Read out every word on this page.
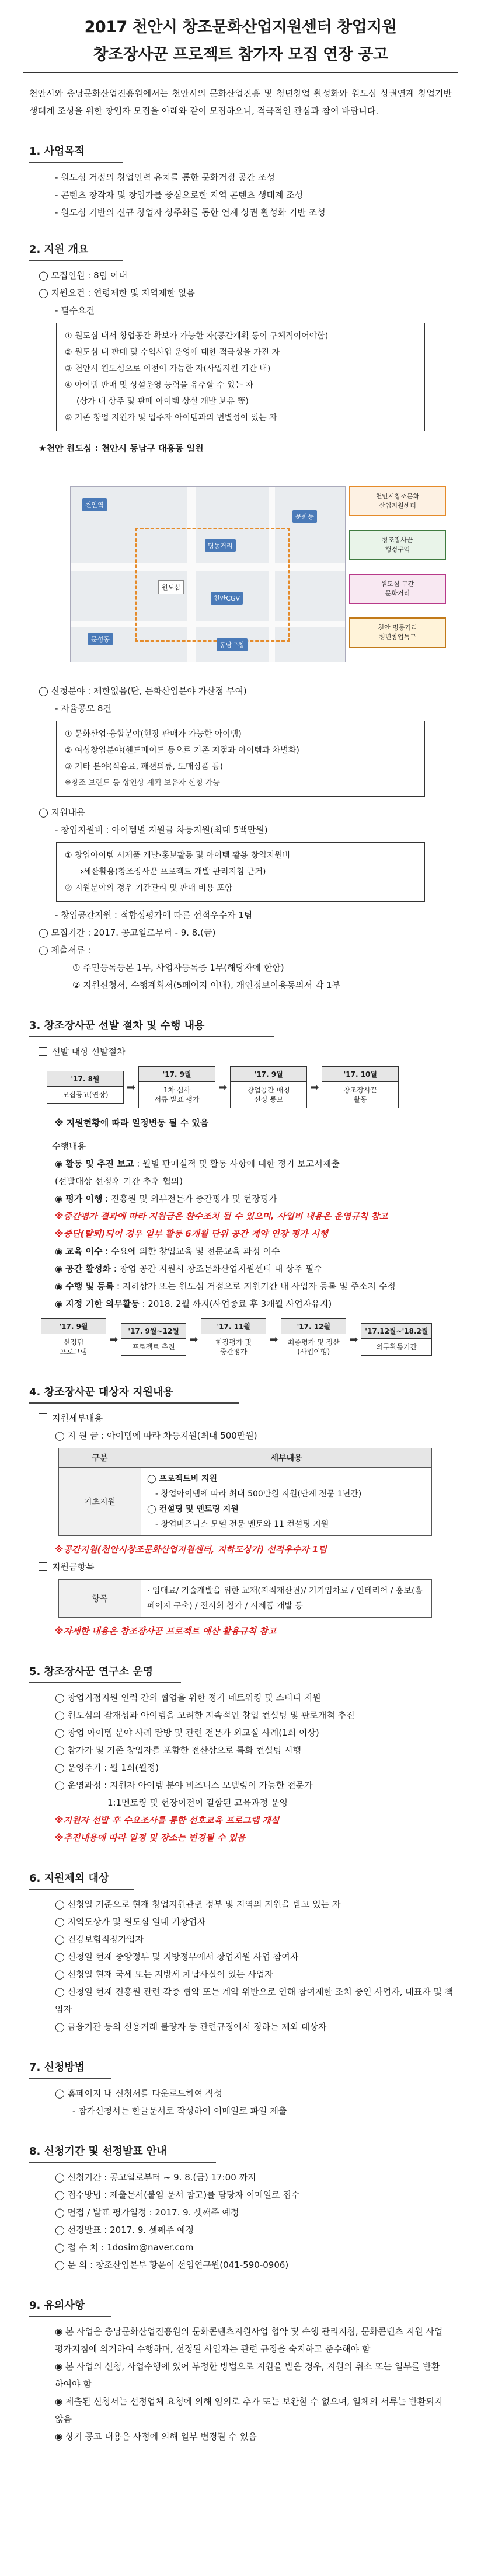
2017 천안시 창조문화산업지원센터 창업지원
창조장사꾼 프로젝트 참가자 모집 연장 공고
천안시와 충남문화산업진흥원에서는 천안시의 문화산업진흥 및 청년창업 활성화와 원도심 상권연계 창업기반 생태계 조성을 위한 창업자 모집을 아래와 같이 모집하오니, 적극적인 관심과 참여 바랍니다.
1. 사업목적
- 원도심 거점의 창업인력 유치를 통한 문화거점 공간 조성
- 콘텐츠 창작자 및 창업가를 중심으로한 지역 콘텐츠 생태계 조성
- 원도심 기반의 신규 창업자 상주화를 통한 연계 상권 활성화 기반 조성
2. 지원 개요
◯ 모집인원 : 8팀 이내
◯ 지원요건 : 연령제한 및 지역제한 없음
- 필수요건
① 원도심 내서 창업공간 확보가 가능한 자(공간계획 등이 구체적이어야함)
② 원도심 내 판매 및 수익사업 운영에 대한 적극성을 가진 자
③ 천안시 원도심으로 이전이 가능한 자(사업지원 기간 내)
④ 아이템 판매 및 상설운영 능력을 유추할 수 있는 자
(상가 내 상주 및 판매 아이템 상설 개발 보유 等)
⑤ 기존 창업 지원가 및 입주자 아이템과의 변별성이 있는 자
★천안 원도심 : 천안시 동남구 대흥동 일원
천안역
명동거리
문화동
원도심
천안CGV
문성동
동남구청
천안시창조문화
산업지원센터
창조장사꾼
행정구역
원도심 구간
문화거리
천안 명동거리
청년창업특구
◯ 신청분야 : 제한없음(단, 문화산업분야 가산점 부여)
- 자율공모 8건
① 문화산업·융합분야(현장 판매가 가능한 아이템)
② 여성창업분야(핸드메이드 등으로 기존 지점과 아이템과 차별화)
③ 기타 분야(식음료, 패션의류, 도매상품 등)
※창조 브랜드 등 상인상 계획 보유자 신청 가능
◯ 지원내용
- 창업지원비 : 아이템별 지원금 차등지원(최대 5백만원)
① 창업아이템 시제품 개발·홍보활동 및 아이템 활용 창업지원비
⇒세산활용(창조장사꾼 프로젝트 개발 관리지침 근거)
② 지원분야의 경우 기간관리 및 판매 비용 포함
- 창업공간지원 : 적합성평가에 따른 선적우수자 1팀
◯ 모집기간 : 2017. 공고일로부터 - 9. 8.(금)
◯ 제출서류 :
① 주민등록등본 1부, 사업자등록증 1부(해당자에 한함)
② 지원신청서, 수행계획서(5페이지 이내), 개인정보이용동의서 각 1부
3. 창조장사꾼 선발 절차 및 수행 내용
선발 대상 선발절차
'17. 8월
모집공고(연장)
➡
'17. 9월
1차 심사
서류·발표 평가
➡
'17. 9월
창업공간 매칭
선정 통보
➡
'17. 10월
창조장사꾼
활동
※ 지원현황에 따라 일정변동 될 수 있음
수행내용
◉ 활동 및 추진 보고 : 월별 판매실적 및 활동 사항에 대한 정기 보고서제출
(선발대상 선정후 기간 추후 협의)
◉ 평가 이행 : 진흥원 및 외부전문가 중간평가 및 현장평가
※중간평가 결과에 따라 지원금은 환수조치 될 수 있으며, 사업비 내용은 운영규칙 참고
※중단(탈퇴)되어 경우 일부 활동 6개월 단위 공간 계약 연장 평가 시행
◉ 교육 이수 : 수요에 의한 창업교육 및 전문교육 과정 이수
◉ 공간 활성화 : 창업 공간 지원시 창조문화산업지원센터 내 상주 필수
◉ 수행 및 등록 : 지하상가 또는 원도심 거점으로 지원기간 내 사업자 등록 및 주소지 수정
◉ 지정 기한 의무활동 : 2018. 2월 까지(사업종료 후 3개월 사업자유지)
'17. 9월
선정팀
프로그램
➡
'17. 9월~12월
프로젝트 추진
➡
'17. 11월
현장평가 및
중간평가
➡
'17. 12월
최종평가 및 정산
(사업이행)
➡
'17.12월~'18.2월
의무활동기간
4. 창조장사꾼 대상자 지원내용
지원세부내용
◯ 지 원 금 : 아이템에 따라 차등지원(최대 500만원)
구분	세부내용
기초지원	◯ 프로젝트비 지원
- 창업아이템에 따라 최대 500만원 지원(단계 전문 1년간)
◯ 컨설팅 및 멘토링 지원
- 창업비즈니스 모델 전문 멘토와 11 컨설팅 지원
※공간지원(천안시창조문화산업지원센터, 지하도상가) 선적우수자 1팀
지원금항목
항목	· 임대료/ 기술개발을 위한 교재(지적재산권)/ 기기임차료 / 인테리어 / 홍보(홈페이지 구축) / 전시회 참가 / 시제품 개발 등
※자세한 내용은 창조장사꾼 프로젝트 예산 활용규칙 참고
5. 창조장사꾼 연구소 운영
◯ 창업거점지원 인력 간의 협업을 위한 정기 네트워킹 및 스터디 지원
◯ 원도심의 잠재성과 아이템을 고려한 지속적인 창업 컨설팅 및 판로개척 추진
◯ 창업 아이템 분야 사례 탐방 및 관련 전문가 외교실 사례(1회 이상)
◯ 참가가 및 기존 창업자를 포함한 전산상으로 특화 컨설팅 시행
◯ 운영주기 : 월 1회(월정)
◯ 운영과정 : 지원자 아이템 분야 비즈니스 모델링이 가능한 전문가
1:1멘토링 및 현장이전이 결합된 교육과정 운영
※지원자 선발 후 수요조사를 통한 선호교육 프로그램 개설
※추진내용에 따라 일정 및 장소는 변경될 수 있음
6. 지원제외 대상
◯ 신청일 기준으로 현재 창업지원관련 정부 및 지역의 지원을 받고 있는 자
◯ 지역도상가 및 원도심 일대 기창업자
◯ 건강보험직장가입자
◯ 신청일 현재 중앙정부 및 지방정부에서 창업지원 사업 참여자
◯ 신청일 현재 국세 또는 지방세 체납사실이 있는 사업자
◯ 신청일 현재 진흥원 관련 각종 협약 또는 계약 위반으로 인해 참여제한 조치 중인 사업자, 대표자 및 책임자
◯ 금융기관 등의 신용거래 불량자 등 관련규정에서 정하는 제외 대상자
7. 신청방법
◯ 홈페이지 내 신청서를 다운로드하여 작성
- 참가신청서는 한글문서로 작성하여 이메일로 파일 제출
8. 신청기간 및 선정발표 안내
◯ 신청기간 : 공고일로부터 ~ 9. 8.(금) 17:00 까지
◯ 접수방법 : 제출문서(붙임 문서 참고)를 담당자 이메일로 접수
◯ 면접 / 발표 평가일정 : 2017. 9. 셋째주 예정
◯ 선정발표 : 2017. 9. 셋째주 예정
◯ 접 수 처 : 1dosim@naver.com
◯ 문 의 : 창조산업본부 황윤이 선임연구원(041-590-0906)
9. 유의사항
◉ 본 사업은 충남문화산업진흥원의 문화콘텐츠지원사업 협약 및 수행 관리지침, 문화콘텐츠 지원 사업 평가지침에 의거하여 수행하며, 선정된 사업자는 관련 규정을 숙지하고 준수해야 함
◉ 본 사업의 신청, 사업수행에 있어 부정한 방법으로 지원을 받은 경우, 지원의 취소 또는 일부를 반환하여야 함
◉ 제출된 신청서는 선정업체 요청에 의해 임의로 추가 또는 보완할 수 없으며, 일체의 서류는 반환되지 않음
◉ 상기 공고 내용은 사정에 의해 일부 변경될 수 있음
